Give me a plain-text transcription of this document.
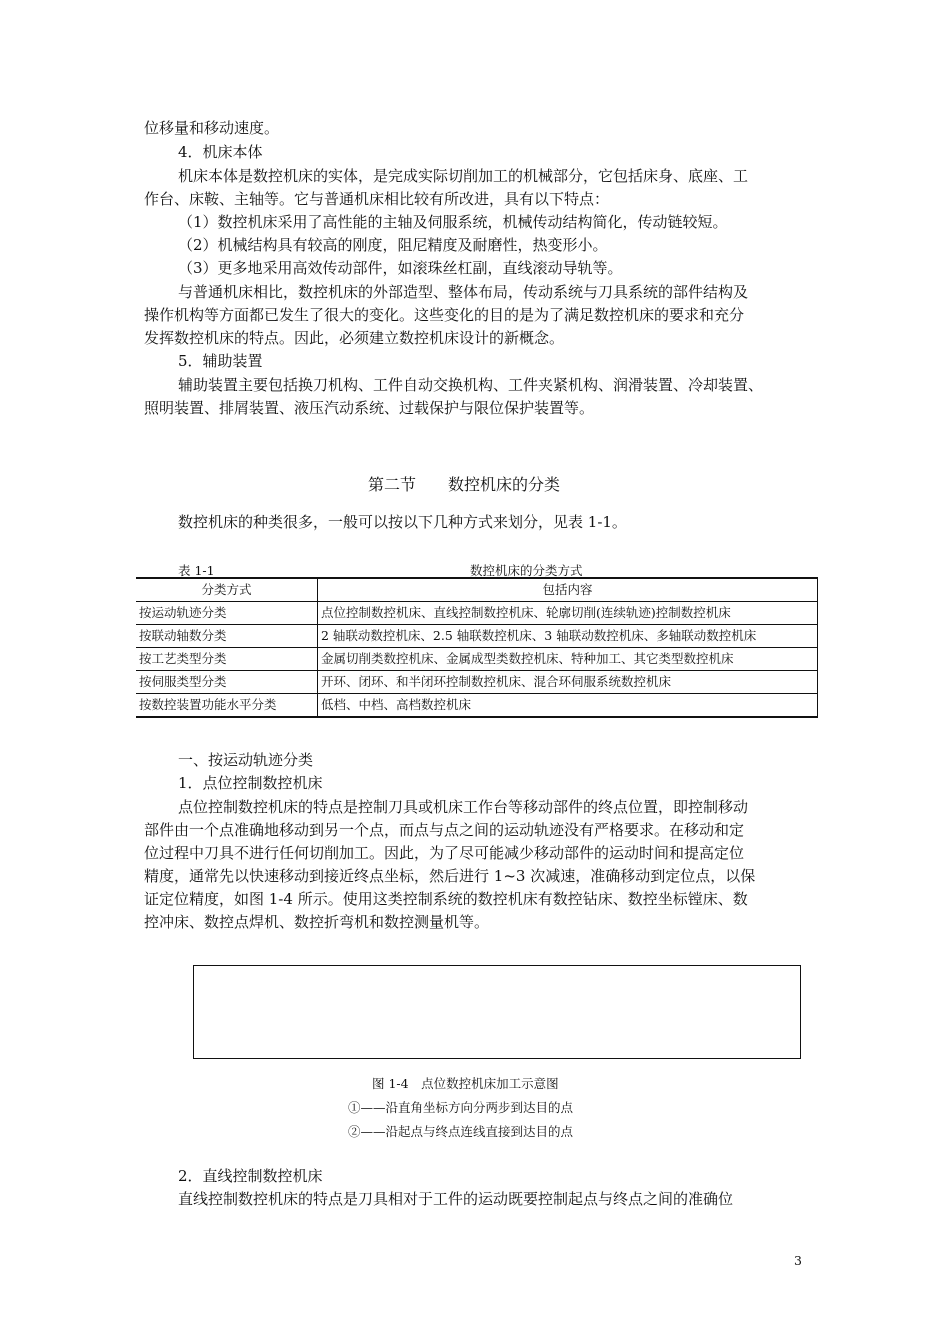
位移量和移动速度。
4．机床本体
机床本体是数控机床的实体，是完成实际切削加工的机械部分，它包括床身、底座、工
作台、床鞍、主轴等。它与普通机床相比较有所改进，具有以下特点：
（1）数控机床采用了高性能的主轴及伺服系统，机械传动结构简化，传动链较短。
（2）机械结构具有较高的刚度，阻尼精度及耐磨性，热变形小。
（3）更多地采用高效传动部件，如滚珠丝杠副，直线滚动导轨等。
与普通机床相比，数控机床的外部造型、整体布局，传动系统与刀具系统的部件结构及
操作机构等方面都已发生了很大的变化。这些变化的目的是为了满足数控机床的要求和充分
发挥数控机床的特点。因此，必须建立数控机床设计的新概念。
5．辅助装置
辅助装置主要包括换刀机构、工件自动交换机构、工件夹紧机构、润滑装置、冷却装置、
照明装置、排屑装置、液压汽动系统、过载保护与限位保护装置等。
第二节　　数控机床的分类
数控机床的种类很多，一般可以按以下几种方式来划分，见表 1-1。
表 1-1	数控机床的分类方式
分类方式	包括内容
按运动轨迹分类	点位控制数控机床、直线控制数控机床、轮廓切削(连续轨迹)控制数控机床
按联动轴数分类	2 轴联动数控机床、2.5 轴联数控机床、3 轴联动数控机床、多轴联动数控机床
按工艺类型分类	金属切削类数控机床、金属成型类数控机床、特种加工、其它类型数控机床
按伺服类型分类	开环、闭环、和半闭环控制数控机床、混合环伺服系统数控机床
按数控装置功能水平分类	低档、中档、高档数控机床
一、按运动轨迹分类
1．点位控制数控机床
点位控制数控机床的特点是控制刀具或机床工作台等移动部件的终点位置，即控制移动
部件由一个点准确地移动到另一个点，而点与点之间的运动轨迹没有严格要求。在移动和定
位过程中刀具不进行任何切削加工。因此，为了尽可能减少移动部件的运动时间和提高定位
精度，通常先以快速移动到接近终点坐标，然后进行 1~3 次减速，准确移动到定位点，以保
证定位精度，如图 1-4 所示。使用这类控制系统的数控机床有数控钻床、数控坐标镗床、数
控冲床、数控点焊机、数控折弯机和数控测量机等。
图 1-4　点位数控机床加工示意图
①——沿直角坐标方向分两步到达目的点
②——沿起点与终点连线直接到达目的点
2．直线控制数控机床
直线控制数控机床的特点是刀具相对于工件的运动既要控制起点与终点之间的准确位
3
